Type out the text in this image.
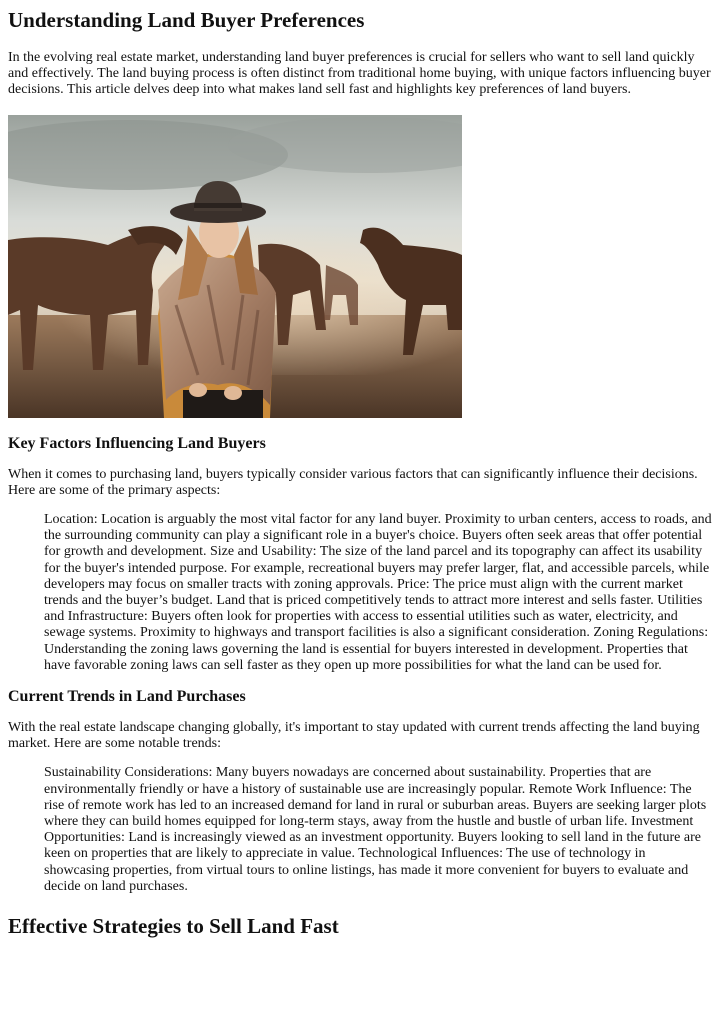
Understanding Land Buyer Preferences

In the evolving real estate market, understanding land buyer preferences is crucial for sellers who want to sell land quickly and effectively. The land buying process is often distinct from traditional home buying, with unique factors influencing buyer decisions. This article delves deep into what makes land sell fast and highlights key preferences of land buyers.

Key Factors Influencing Land Buyers

When it comes to purchasing land, buyers typically consider various factors that can significantly influence their decisions. Here are some of the primary aspects:

Location: Location is arguably the most vital factor for any land buyer. Proximity to urban centers, access to roads, and the surrounding community can play a significant role in a buyer's choice. Buyers often seek areas that offer potential for growth and development. Size and Usability: The size of the land parcel and its topography can affect its usability for the buyer's intended purpose. For example, recreational buyers may prefer larger, flat, and accessible parcels, while developers may focus on smaller tracts with zoning approvals. Price: The price must align with the current market trends and the buyer’s budget. Land that is priced competitively tends to attract more interest and sells faster. Utilities and Infrastructure: Buyers often look for properties with access to essential utilities such as water, electricity, and sewage systems. Proximity to highways and transport facilities is also a significant consideration. Zoning Regulations: Understanding the zoning laws governing the land is essential for buyers interested in development. Properties that have favorable zoning laws can sell faster as they open up more possibilities for what the land can be used for.
Current Trends in Land Purchases

With the real estate landscape changing globally, it's important to stay updated with current trends affecting the land buying market. Here are some notable trends:

Sustainability Considerations: Many buyers nowadays are concerned about sustainability. Properties that are environmentally friendly or have a history of sustainable use are increasingly popular. Remote Work Influence: The rise of remote work has led to an increased demand for land in rural or suburban areas. Buyers are seeking larger plots where they can build homes equipped for long-term stays, away from the hustle and bustle of urban life. Investment Opportunities: Land is increasingly viewed as an investment opportunity. Buyers looking to sell land in the future are keen on properties that are likely to appreciate in value. Technological Influences: The use of technology in showcasing properties, from virtual tours to online listings, has made it more convenient for buyers to evaluate and decide on land purchases.
Effective Strategies to Sell Land Fast
